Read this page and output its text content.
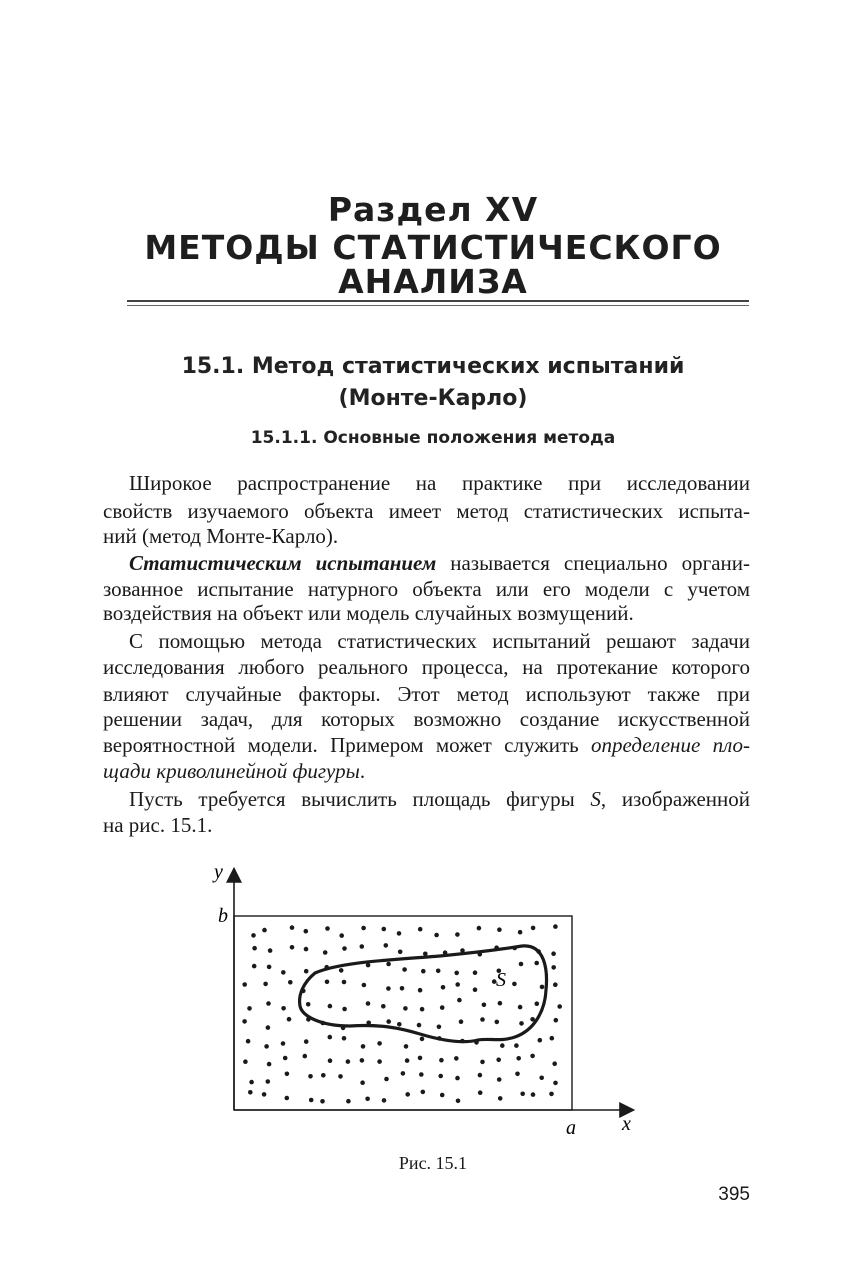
Раздел XV
МЕТОДЫ СТАТИСТИЧЕСКОГО
АНАЛИЗА
15.1. Метод статистических испытаний
(Монте-Карло)
15.1.1. Основные положения метода
Широкое распространение на практике при исследовании
свойств изучаемого объекта имеет метод статистических испыта-
ний (метод Монте-Карло).
Статистическим испытанием называется специально органи-
зованное испытание натурного объекта или его модели с учетом
воздействия на объект или модель случайных возмущений.
С помощью метода статистических испытаний решают задачи
исследования любого реального процесса, на протекание которого
влияют случайные факторы. Этот метод используют также при
решении задач, для которых возможно создание искусственной
вероятностной модели. Примером может служить определение пло-
щади криволинейной фигуры.
Пусть требуется вычислить площадь фигуры S, изображенной
на рис. 15.1.
y
b
S
a x
Рис. 15.1
395
